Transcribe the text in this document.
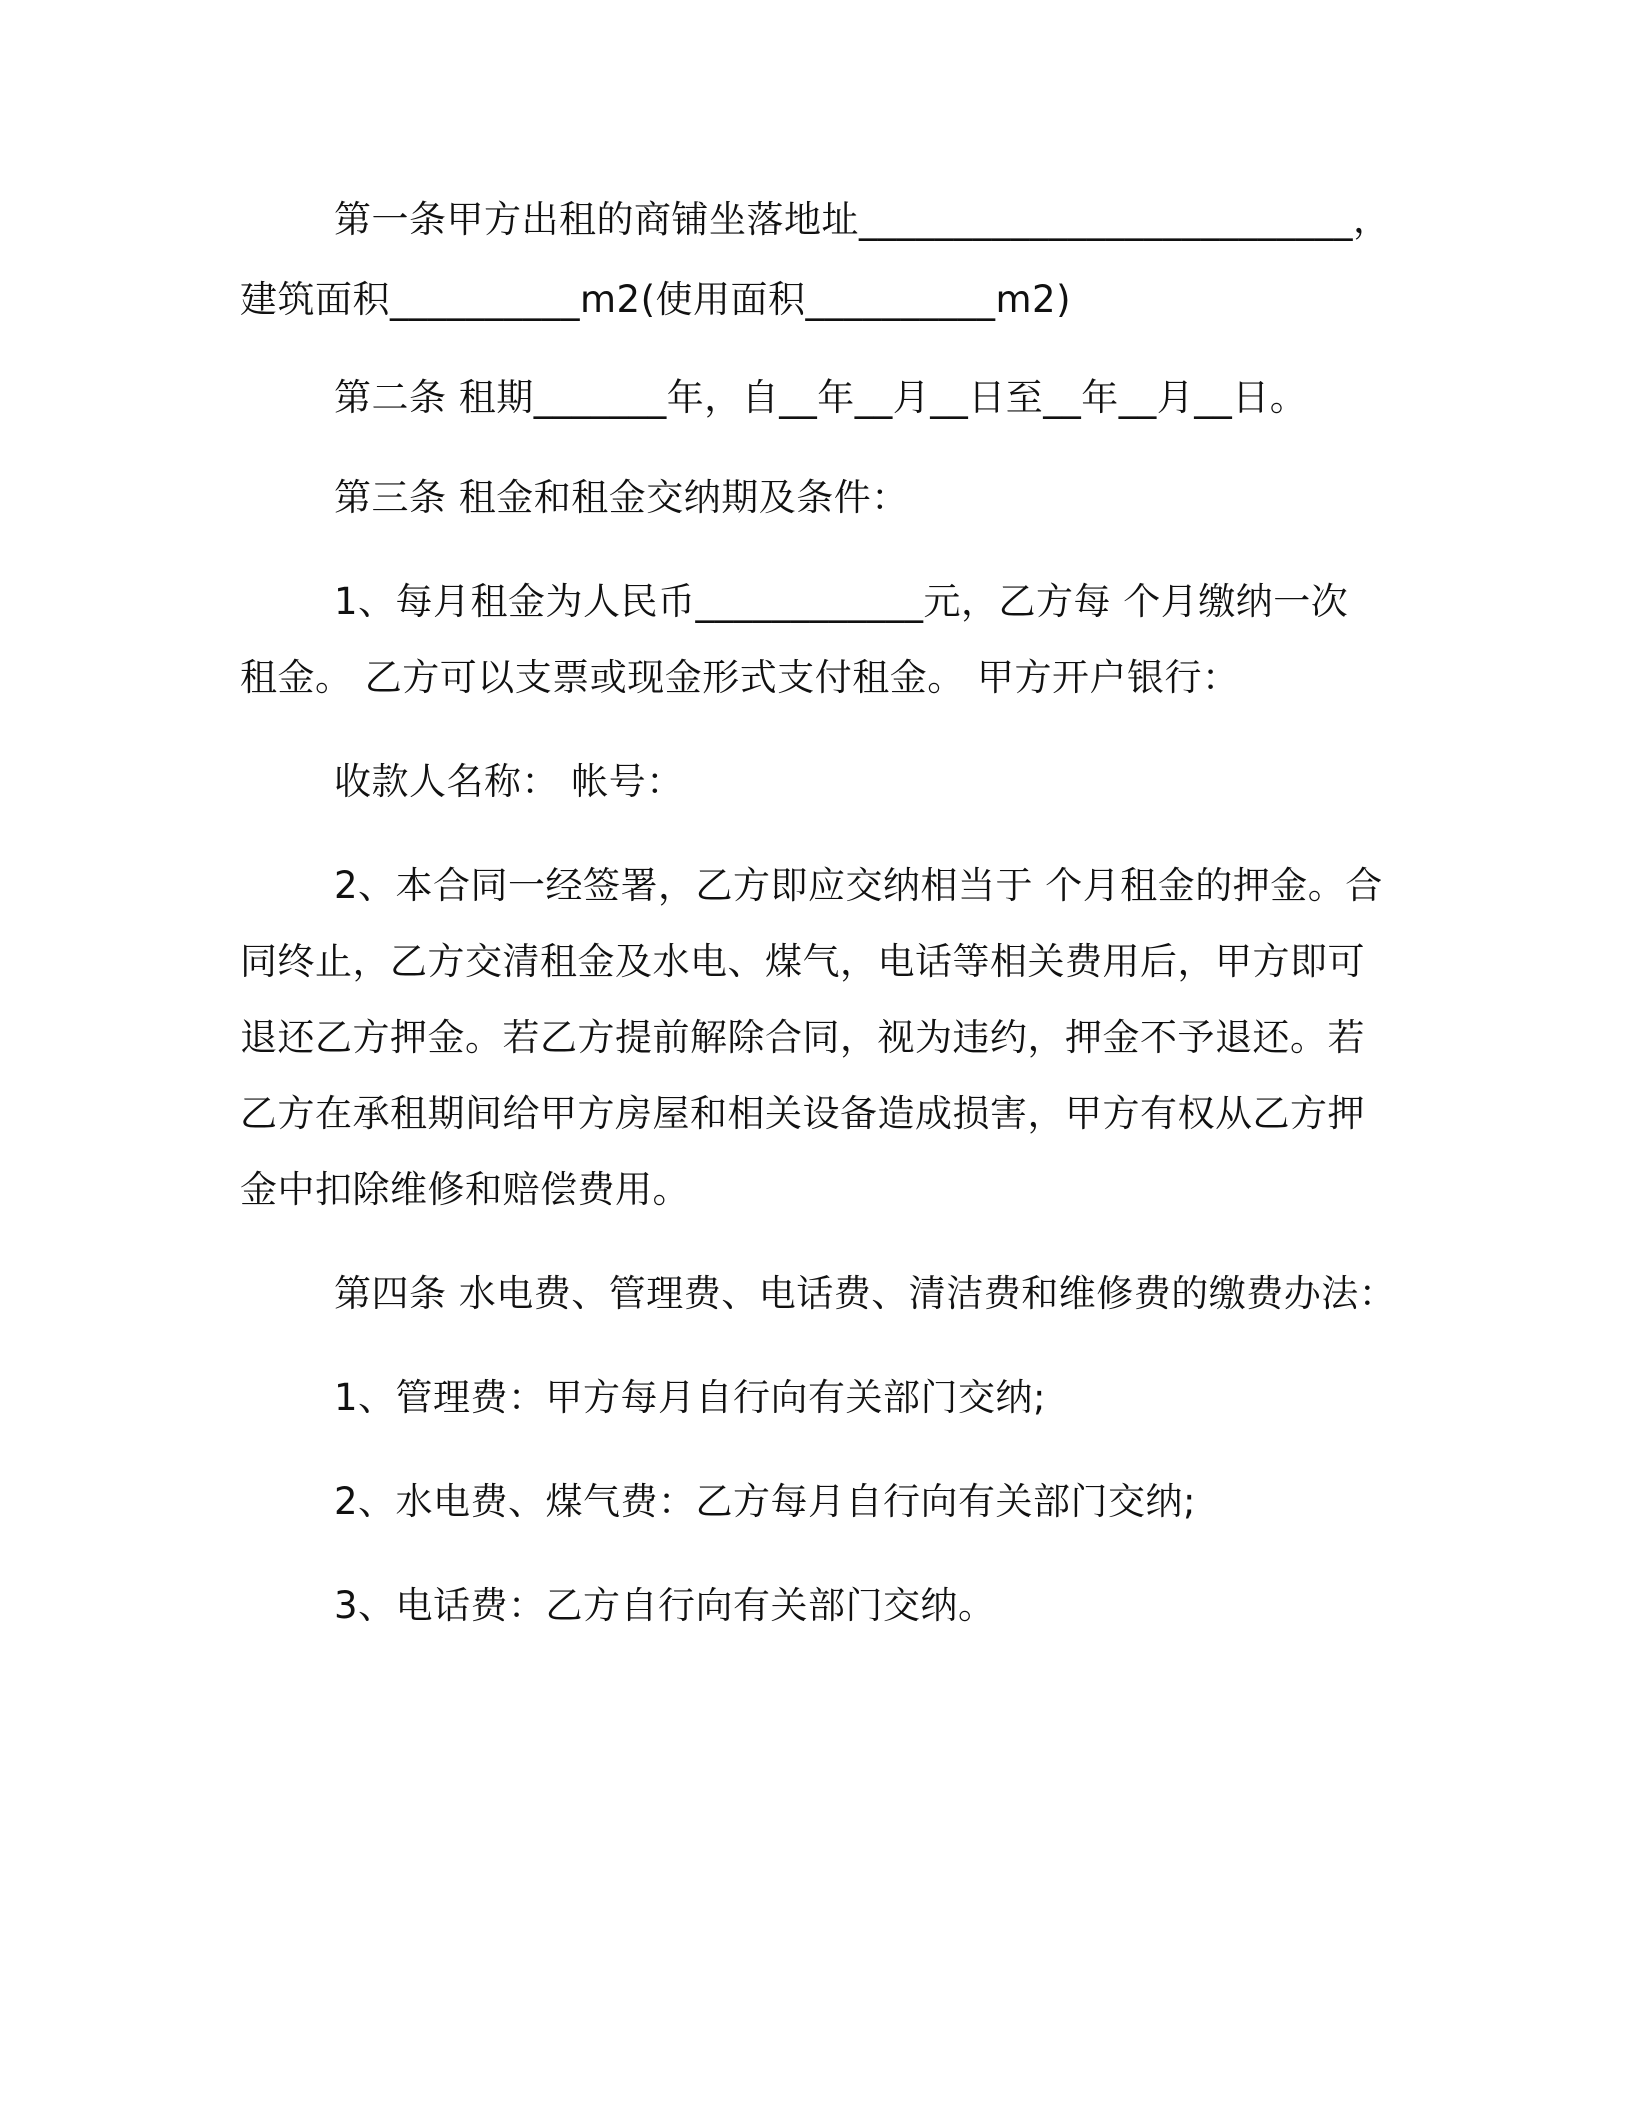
第一条甲方出租的商铺坐落地址__________________________，
建筑面积__________m2(使用面积__________m2)
第二条 租期_______年，自__年__月__日至__年__月__日。
第三条 租金和租金交纳期及条件：
1、每月租金为人民币____________元，乙方每 个月缴纳一次
租金。 乙方可以支票或现金形式支付租金。 甲方开户银行：
收款人名称： 帐号：
2、本合同一经签署，乙方即应交纳相当于 个月租金的押金。合
同终止，乙方交清租金及水电、煤气，电话等相关费用后，甲方即可
退还乙方押金。若乙方提前解除合同，视为违约，押金不予退还。若
乙方在承租期间给甲方房屋和相关设备造成损害，甲方有权从乙方押
金中扣除维修和赔偿费用。
第四条 水电费、管理费、电话费、清洁费和维修费的缴费办法：
1、管理费：甲方每月自行向有关部门交纳;
2、水电费、煤气费：乙方每月自行向有关部门交纳;
3、电话费：乙方自行向有关部门交纳。
